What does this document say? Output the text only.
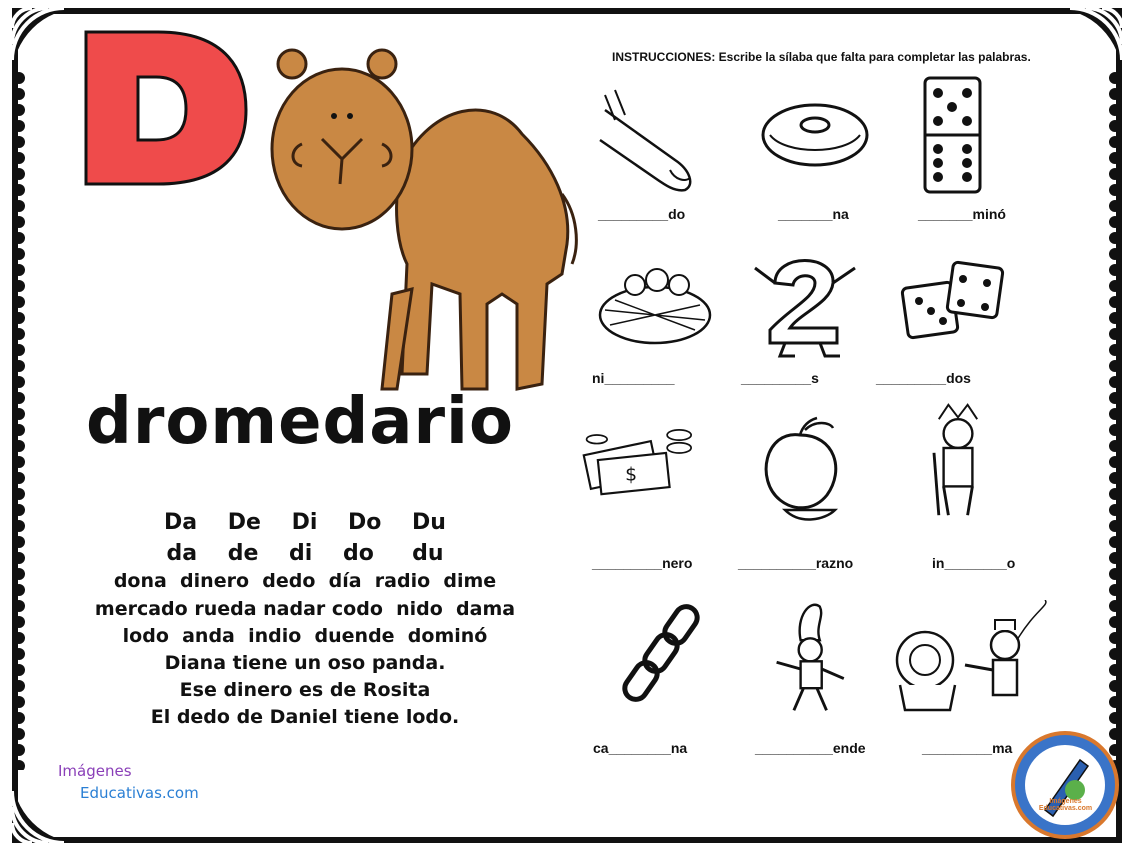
D
dromedario
Da    De    Di    Do    Du
da    de    di    do     du
dona  dinero  dedo  día  radio  dime
mercado rueda nadar codo  nido  dama
lodo  anda  indio  duende  dominó
Diana tiene un oso panda.
Ese dinero es de Rosita
El dedo de Daniel tiene lodo.
INSTRUCCIONES: Escribe la sílaba que falta para completar las palabras.
_________do	_______na	_______minó
ni_________	_________s	_________dos
$
_________nero	__________razno	in________o
ca________na	__________ende	_________ma
Imágenes
Educativas.com	Imágenes Educativas.com
